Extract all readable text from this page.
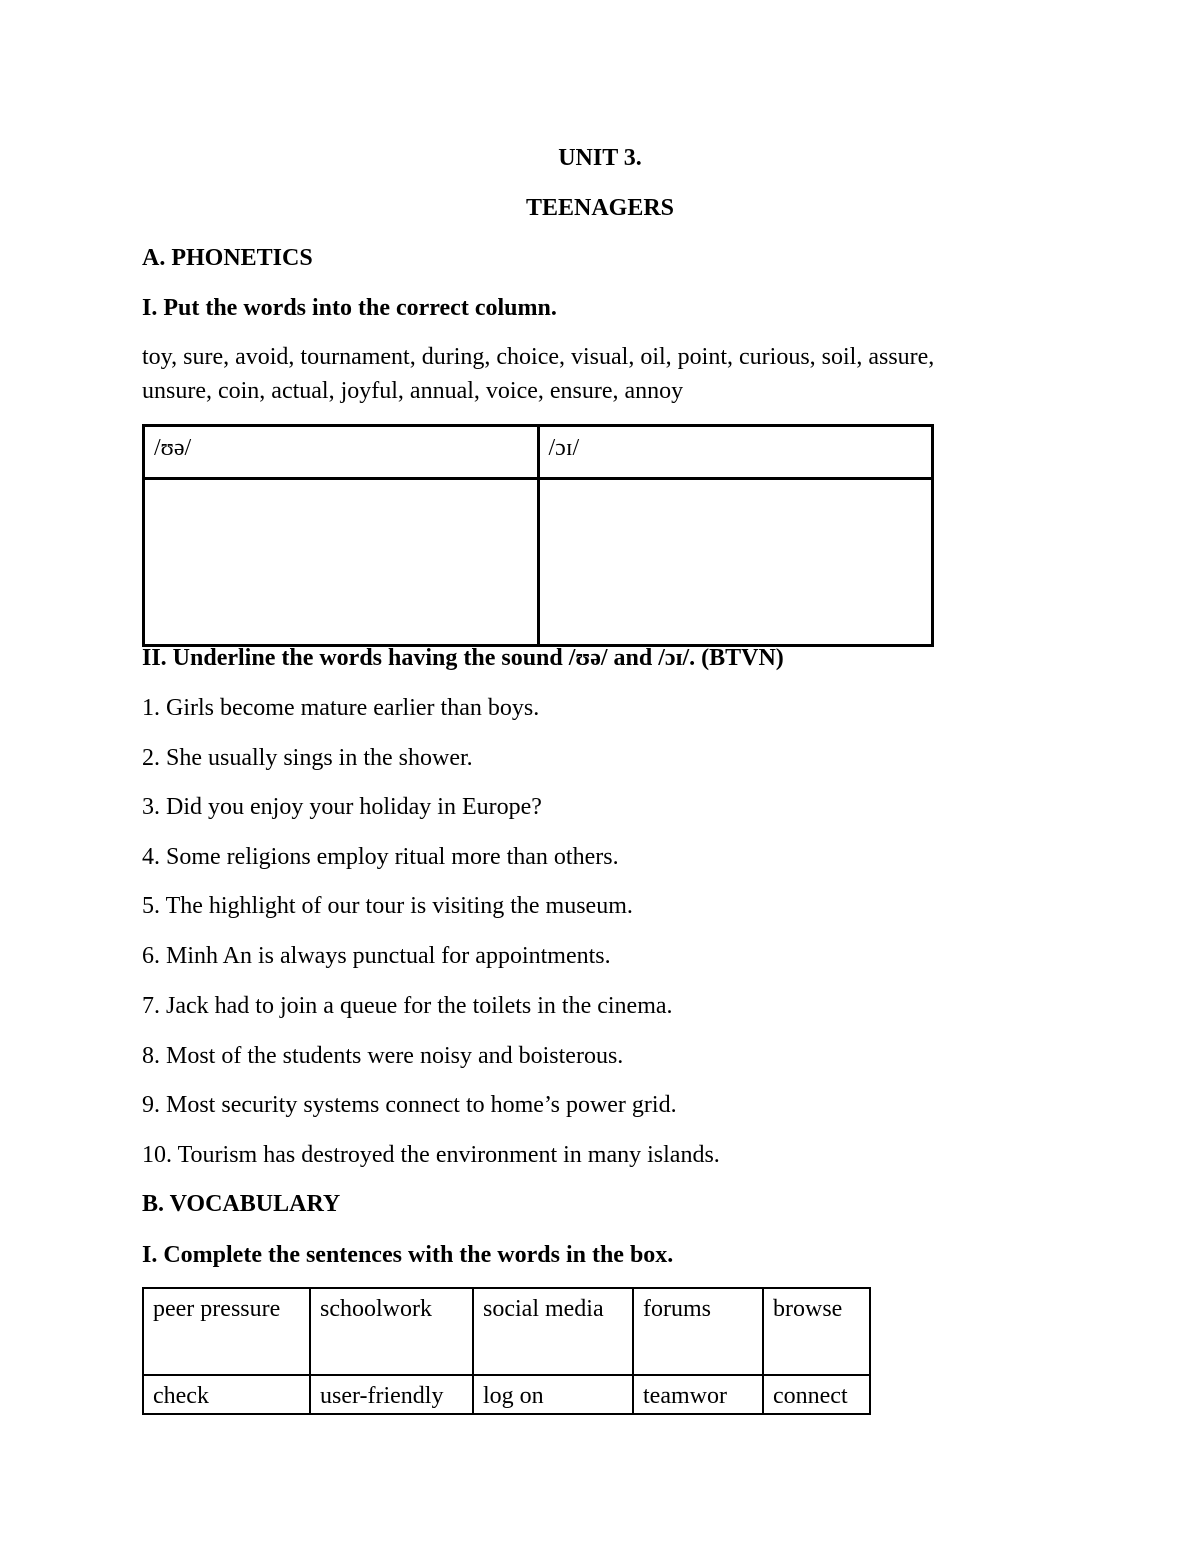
UNIT 3.
TEENAGERS
A. PHONETICS
I. Put the words into the correct column.
toy, sure, avoid, tournament, during, choice, visual, oil, point, curious, soil, assure,
unsure, coin, actual, joyful, annual, voice, ensure, annoy
/ʊə/	/ɔɪ/

II. Underline the words having the sound /ʊə/ and /ɔɪ/. (BTVN)
1. Girls become mature earlier than boys.
2. She usually sings in the shower.
3. Did you enjoy your holiday in Europe?
4. Some religions employ ritual more than others.
5. The highlight of our tour is visiting the museum.
6. Minh An is always punctual for appointments.
7. Jack had to join a queue for the toilets in the cinema.
8. Most of the students were noisy and boisterous.
9. Most security systems connect to home’s power grid.
10. Tourism has destroyed the environment in many islands.
B. VOCABULARY
I. Complete the sentences with the words in the box.
peer pressure	schoolwork	social media	forums	browse
check	user-friendly	log on	teamwor	connect
